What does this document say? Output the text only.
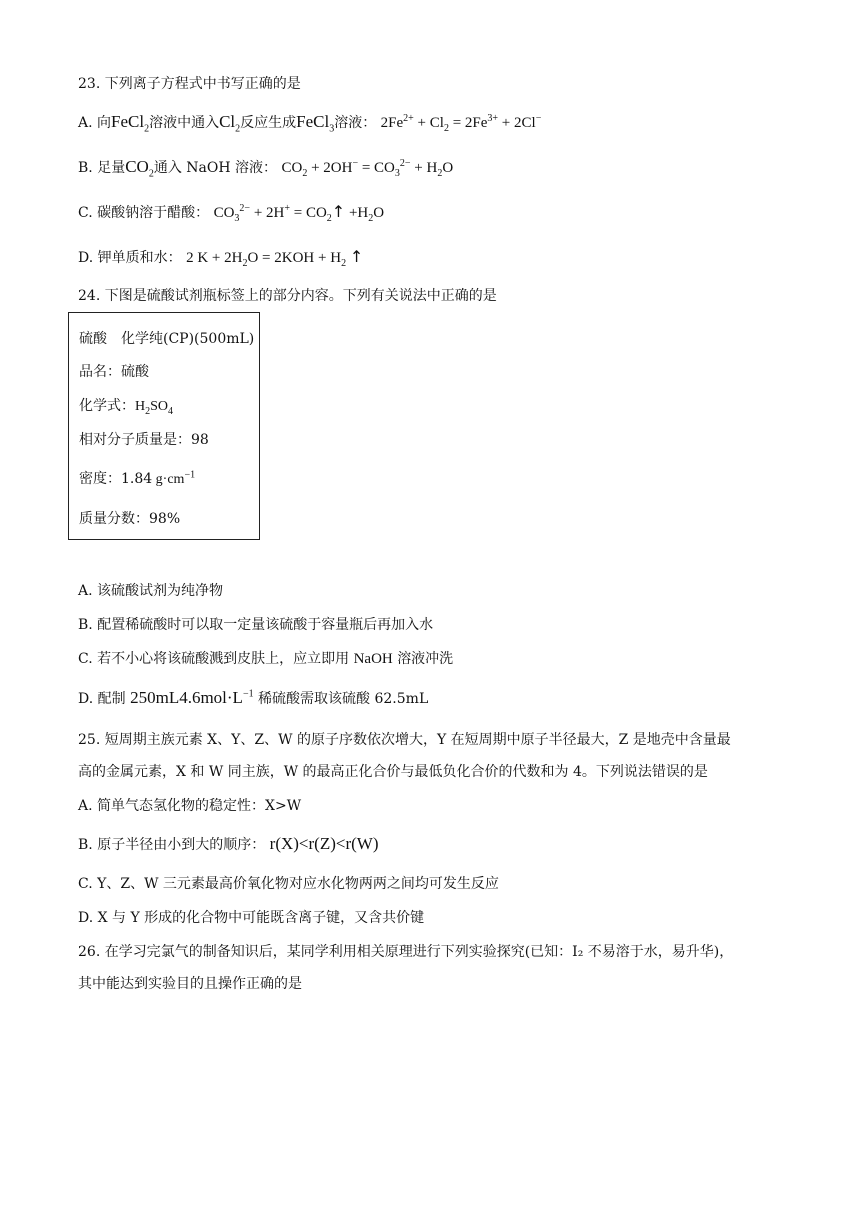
23. 下列离子方程式中书写正确的是
A. 向FeCl$_2$溶液中通入$Cl_2$反应生成FeCl$_3$溶液： $2Fe^{2+} + Cl_2 = 2Fe^{3+} + 2Cl^-$
B. 足量$CO_2$通入 NaOH 溶液： $CO_2 + 2OH^- = CO_3^{2-} + H_2O$
C. 碳酸钠溶于醋酸： $CO_3^{2-} + 2H^+$ = $CO_2↑ +H_2O$
D. 钾单质和水： 2 $K + 2H_2O = 2KOH + H_2$ ↑
24. 下图是硫酸试剂瓶标签上的部分内容。下列有关说法中正确的是
硫酸　化学纯(CP)(500mL)
品名：硫酸
化学式：$H_2SO_4$
相对分子质量是：98
密度：1.84 $g\cdot cm^{-1}$
质量分数：98%
A. 该硫酸试剂为纯净物
B. 配置稀硫酸时可以取一定量该硫酸于容量瓶后再加入水
C. 若不小心将该硫酸溅到皮肤上，应立即用 NaOH 溶液冲洗
D. 配制 $250mL4.6mol\cdot L^{-1}$ 稀硫酸需取该硫酸 62.5mL
25. 短周期主族元素 X、Y、Z、W 的原子序数依次增大，Y 在短周期中原子半径最大，Z 是地壳中含量最
高的金属元素，X 和 W 同主族，W 的最高正化合价与最低负化合价的代数和为 4。下列说法错误的是
A. 简单气态氢化物的稳定性：X>W
B. 原子半径由小到大的顺序： r(X)<r(Z)<r(W)
C. Y、Z、W 三元素最高价氧化物对应水化物两两之间均可发生反应
D. X 与 Y 形成的化合物中可能既含离子键，又含共价键
26. 在学习完氯气的制备知识后，某同学利用相关原理进行下列实验探究(已知：I₂ 不易溶于水，易升华)，
其中能达到实验目的且操作正确的是
